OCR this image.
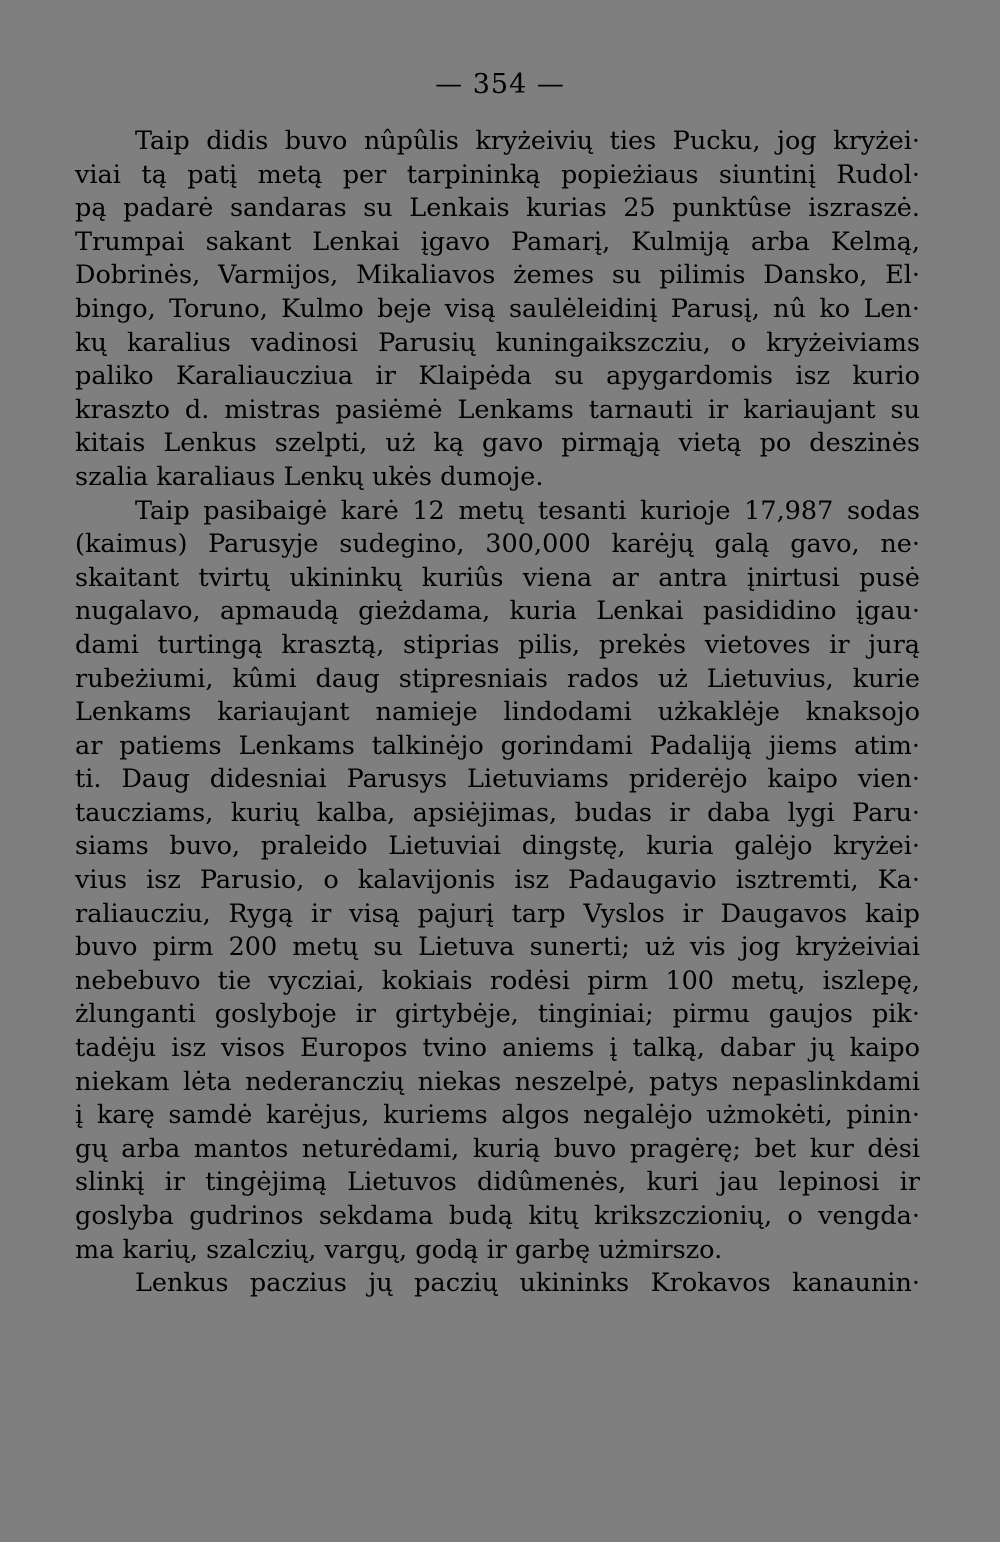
— 354 —
Taip didis buvo nûpûlis kryżeivių ties Pucku, jog kryżei·
viai tą patį metą per tarpininką popieżiaus siuntinį Rudol·
pą padarė sandaras su Lenkais kurias 25 punktûse iszraszė.
Trumpai sakant Lenkai įgavo Pamarį, Kulmiją arba Kelmą,
Dobrinės, Varmijos, Mikaliavos żemes su pilimis Dansko, El·
bingo, Toruno, Kulmo beje visą saulėleidinį Parusį, nû ko Len·
kų karalius vadinosi Parusių kuningaikszcziu, o kryżeiviams
paliko Karaliaucziua ir Klaipėda su apygardomis isz kurio
kraszto d. mistras pasiėmė Lenkams tarnauti ir kariaujant su
kitais Lenkus szelpti, uż ką gavo pirmąją vietą po deszinės
szalia karaliaus Lenkų ukės dumoje.
Taip pasibaigė karė 12 metų tesanti kurioje 17,987 sodas
(kaimus) Parusyje sudegino, 300,000 karėjų galą gavo, ne·
skaitant tvirtų ukininkų kuriûs viena ar antra įnirtusi pusė
nugalavo, apmaudą gieżdama, kuria Lenkai pasididino įgau·
dami turtingą krasztą, stiprias pilis, prekės vietoves ir jurą
rubeżiumi, kûmi daug stipresniais rados uż Lietuvius, kurie
Lenkams kariaujant namieje lindodami użkaklėje knaksojo
ar patiems Lenkams talkinėjo gorindami Padaliją jiems atim·
ti. Daug didesniai Parusys Lietuviams priderėjo kaipo vien·
taucziams, kurių kalba, apsiėjimas, budas ir daba lygi Paru·
siams buvo, praleido Lietuviai dingstę, kuria galėjo kryżei·
vius isz Parusio, o kalavijonis isz Padaugavio isztremti, Ka·
raliaucziu, Rygą ir visą pajurį tarp Vyslos ir Daugavos kaip
buvo pirm 200 metų su Lietuva sunerti; uż vis jog kryżeiviai
nebebuvo tie vycziai, kokiais rodėsi pirm 100 metų, iszlepę,
żlunganti goslyboje ir girtybėje, tinginiai; pirmu gaujos pik·
tadėju isz visos Europos tvino aniems į talką, dabar jų kaipo
niekam lėta nederanczių niekas neszelpė, patys nepaslinkdami
į karę samdė karėjus, kuriems algos negalėjo użmokėti, pinin·
gų arba mantos neturėdami, kurią buvo pragėrę; bet kur dėsi
slinkį ir tingėjimą Lietuvos didûmenės, kuri jau lepinosi ir
goslyba gudrinos sekdama budą kitų krikszczionių, o vengda·
ma karių, szalczių, vargų, godą ir garbę użmirszo.
Lenkus paczius jų paczių ukininks Krokavos kanaunin·
